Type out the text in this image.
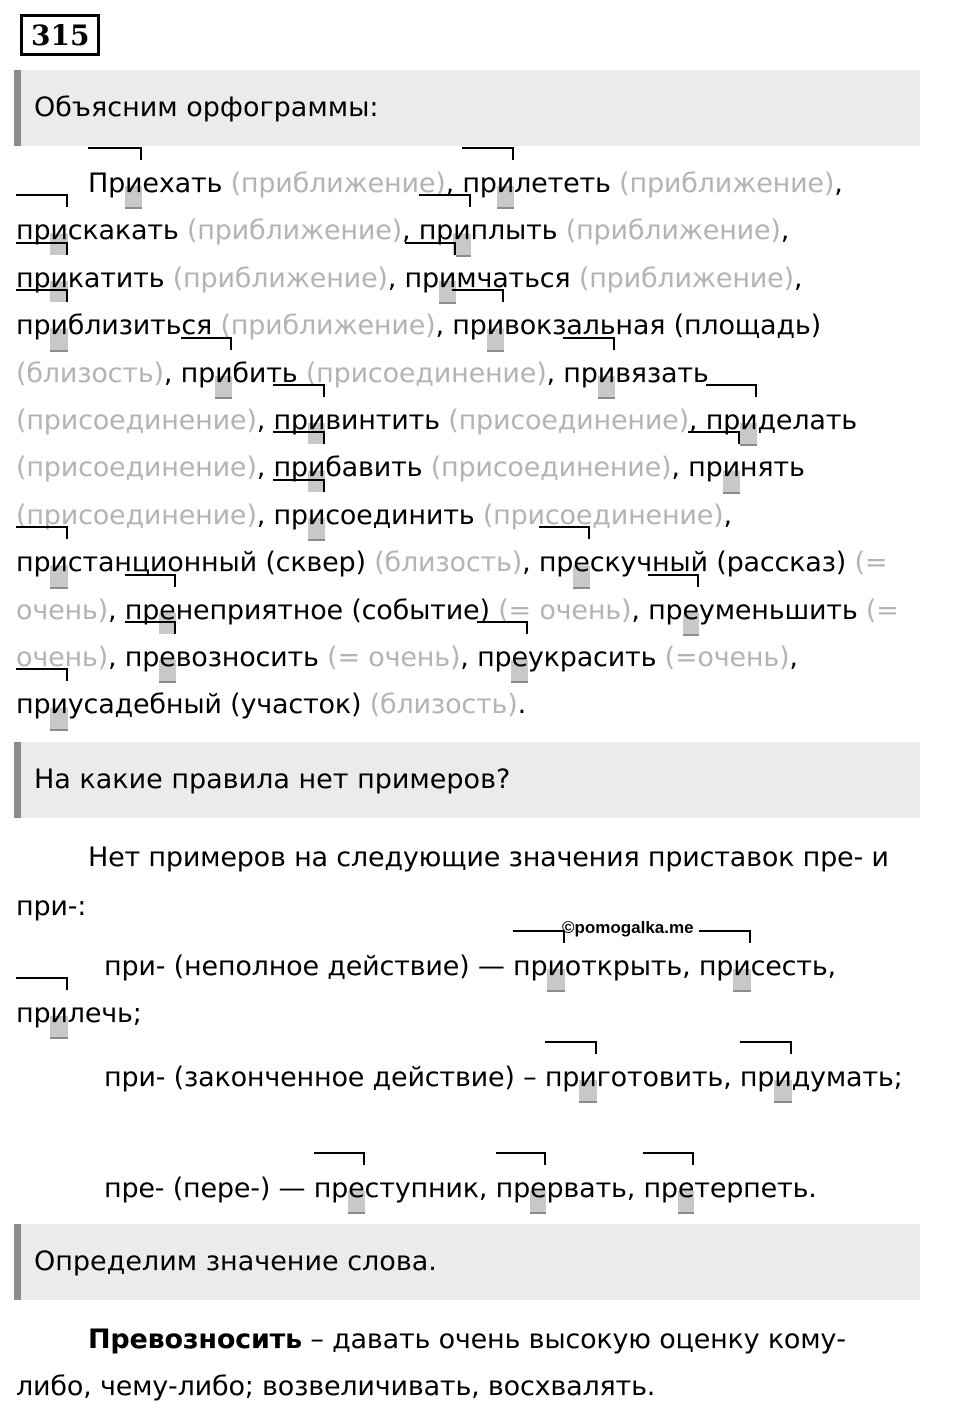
315
Объясним орфограммы:
Приехать (приближение), прилететь (приближение), прискакать (приближение), приплыть (приближение), прикатить (приближение), примчаться (приближение), приблизиться (приближение), привокзальная (площадь) (близость), прибить (присоединение), привязать (присоединение), привинтить (присоединение), приделать (присоединение), прибавить (присоединение), принять (присоединение), присоединить (присоединение), пристанционный (сквер) (близость), прескучный (рассказ) (= очень), пренеприятное (событие) (= очень), преуменьшить (= очень), превозносить (= очень), преукрасить (=очень), приусадебный (участок) (близость).
На какие правила нет примеров?
Нет примеров на следующие значения приставок пре- и при-:
при- (неполное действие) — приоткрыть, присесть, прилечь;
при- (законченное действие) – приготовить, придумать;
пре- (пере-) — преступник, прервать, претерпеть.
©pomogalka.me
Определим значение слова.
Превозносить – давать очень высокую оценку кому-либо, чему-либо; возвеличивать, восхвалять.
